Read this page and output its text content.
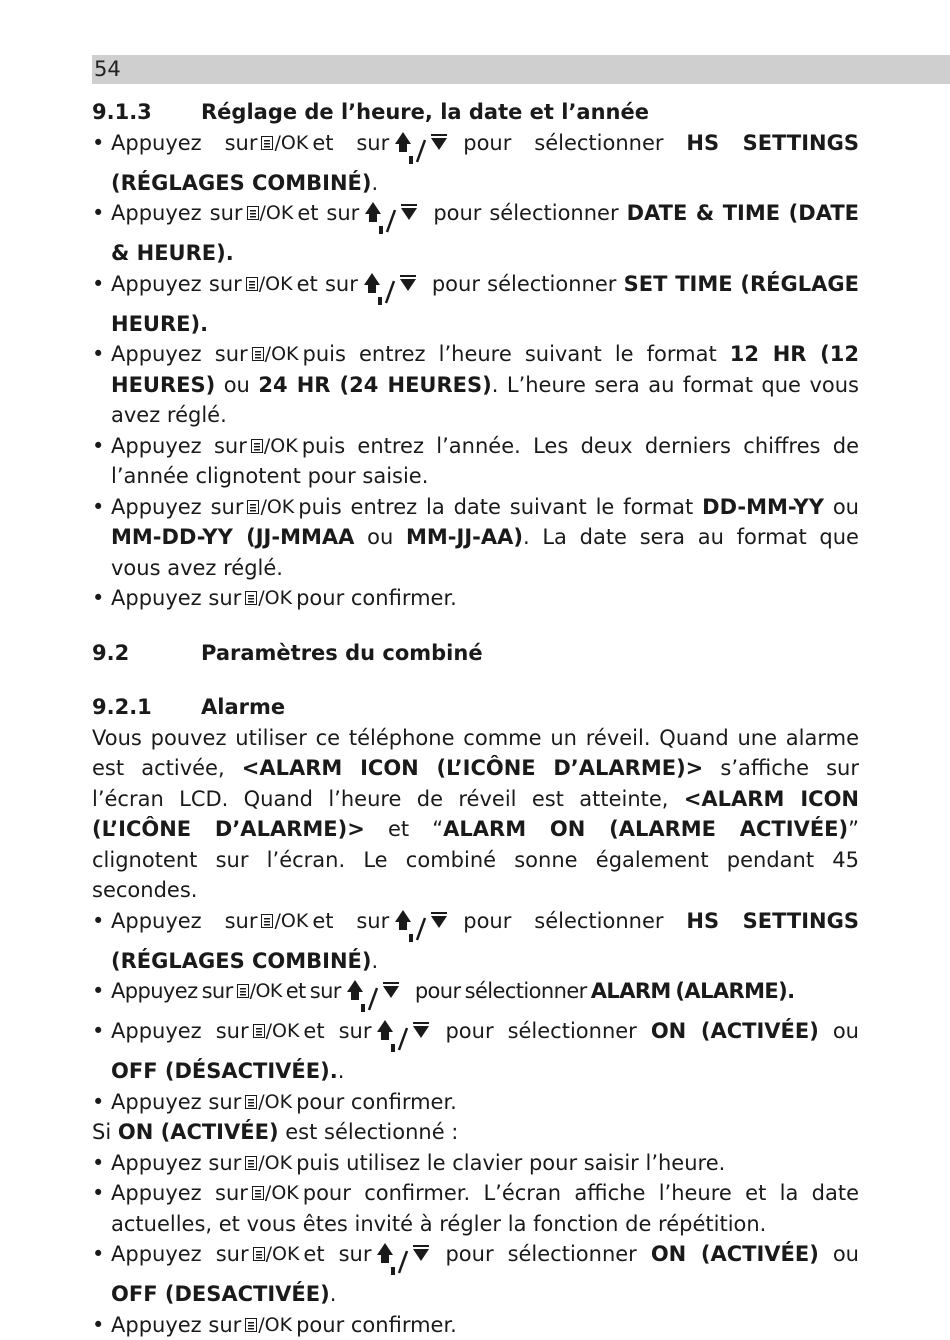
54

9.1.3 Réglage de l’heure, la date et l’année

• Appuyez sur /OK et sur	pour sélectionner HS SETTINGS (RÉGLAGES COMBINÉ).

• Appuyez sur /OK et sur	pour sélectionner DATE & TIME (DATE & HEURE).

• Appuyez sur /OK et sur	pour sélectionner SET TIME (RÉGLAGE HEURE).

• Appuyez sur /OK puis entrez l’heure suivant le format 12 HR (12 HEURES) ou 24 HR (24 HEURES). L’heure sera au format que vous avez réglé.

• Appuyez sur /OK puis entrez l’année. Les deux derniers chiffres de l’année clignotent pour saisie.

• Appuyez sur /OK puis entrez la date suivant le format DD-MM-YY ou MM-DD-YY (JJ-MMAA ou MM-JJ-AA). La date sera au format que vous avez réglé.

• Appuyez sur /OK pour confirmer.

9.2	Paramètres du combiné

9.2.1 Alarme

Vous pouvez utiliser ce téléphone comme un réveil. Quand une alarme est activée, <ALARM ICON (L’ICÔNE D’ALARME)> s’affiche sur l’écran LCD. Quand l’heure de réveil est atteinte, <ALARM ICON (L’ICÔNE D’ALARME)> et “ALARM ON (ALARME ACTIVÉE)” clignotent sur l’écran. Le combiné sonne également pendant 45 secondes.

• Appuyez sur /OK et sur	pour sélectionner HS SETTINGS (RÉGLAGES COMBINÉ).

• Appuyez sur /OK et sur	pour sélectionner ALARM (ALARME).

• Appuyez sur /OK et sur	pour sélectionner ON (ACTIVÉE) ou OFF (DÉSACTIVÉE)..

• Appuyez sur /OK pour confirmer.

Si ON (ACTIVÉE) est sélectionné :

• Appuyez sur /OK puis utilisez le clavier pour saisir l’heure.

• Appuyez sur /OK pour confirmer. L’écran affiche l’heure et la date actuelles, et vous êtes invité à régler la fonction de répétition.

• Appuyez sur /OK et sur	pour sélectionner ON (ACTIVÉE) ou OFF (DESACTIVÉE).

• Appuyez sur /OK pour confirmer.
